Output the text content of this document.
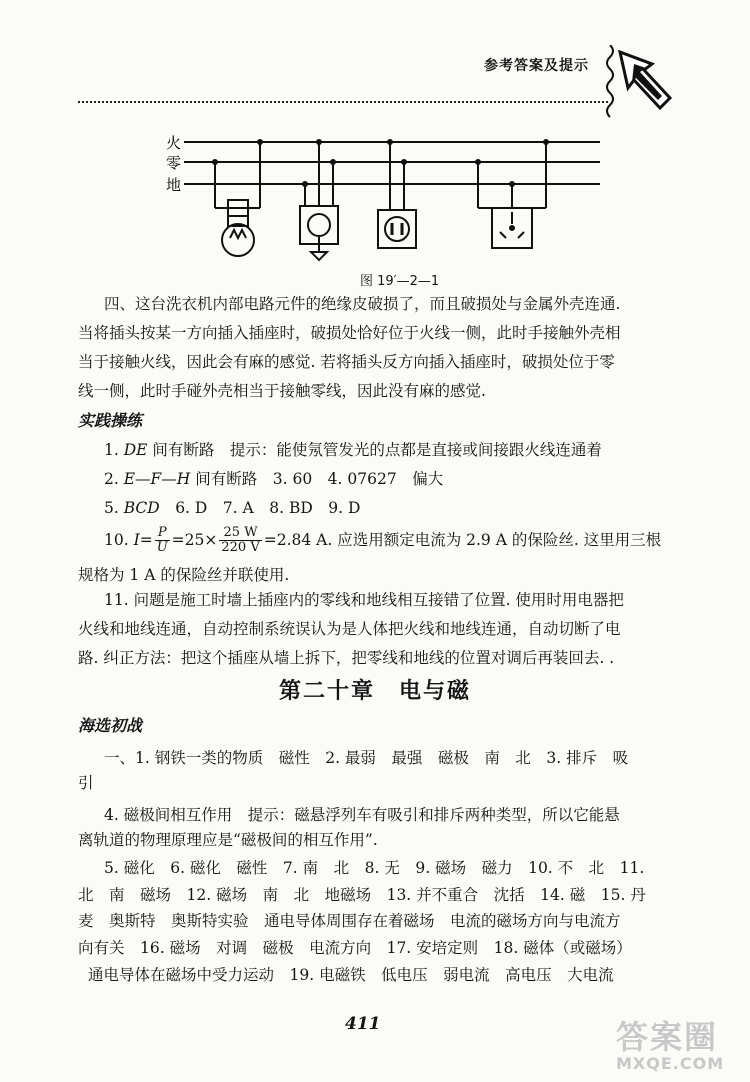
参考答案及提示
火
零
地
图 19′—2—1
四、这台洗衣机内部电路元件的绝缘皮破损了，而且破损处与金属外壳连通.
当将插头按某一方向插入插座时，破损处恰好位于火线一侧，此时手接触外壳相
当于接触火线，因此会有麻的感觉. 若将插头反方向插入插座时，破损处位于零
线一侧，此时手碰外壳相当于接触零线，因此没有麻的感觉.
实践操练
1. DE 间有断路　提示：能使氖管发光的点都是直接或间接跟火线连通着
2. E—F—H 间有断路　3. 60　4. 07627　偏大
5. BCD　6. D　7. A　8. BD　9. D
10. $I= \frac{P}{U} =25\times \frac{25 W}{220 V} =2.84$ A. 应选用额定电流为 2.9 A 的保险丝. 这里用三根
规格为 1 A 的保险丝并联使用.
11. 问题是施工时墙上插座内的零线和地线相互接错了位置. 使用时用电器把
火线和地线连通，自动控制系统误认为是人体把火线和地线连通，自动切断了电
第二十章　电与磁
海选初战
一、1. 钢铁一类的物质　磁性　2. 最弱　最强　磁极　南　北　3. 排斥　吸
引
4. 磁极间相互作用　提示：磁悬浮列车有吸引和排斥两种类型，所以它能悬
离轨道的物理原理应是“磁极间的相互作用”.
5. 磁化　6. 磁化　磁性　7. 南　北　8. 无　9. 磁场　磁力　10. 不　北　11.
北　南　磁场　12. 磁场　南　北　地磁场　13. 并不重合　沈括　14. 磁　15. 丹
麦　奥斯特　奥斯特实验　通电导体周围存在着磁场　电流的磁场方向与电流方
向有关　16. 磁场　对调　磁极　电流方向　17. 安培定则　18. 磁体（或磁场）
通电导体在磁场中受力运动　19. 电磁铁　低电压　弱电流　高电压　大电流
411	答案圈
MXQE.COM
路. 纠正方法：把这个插座从墙上拆下，把零线和地线的位置对调后再装回去. .
